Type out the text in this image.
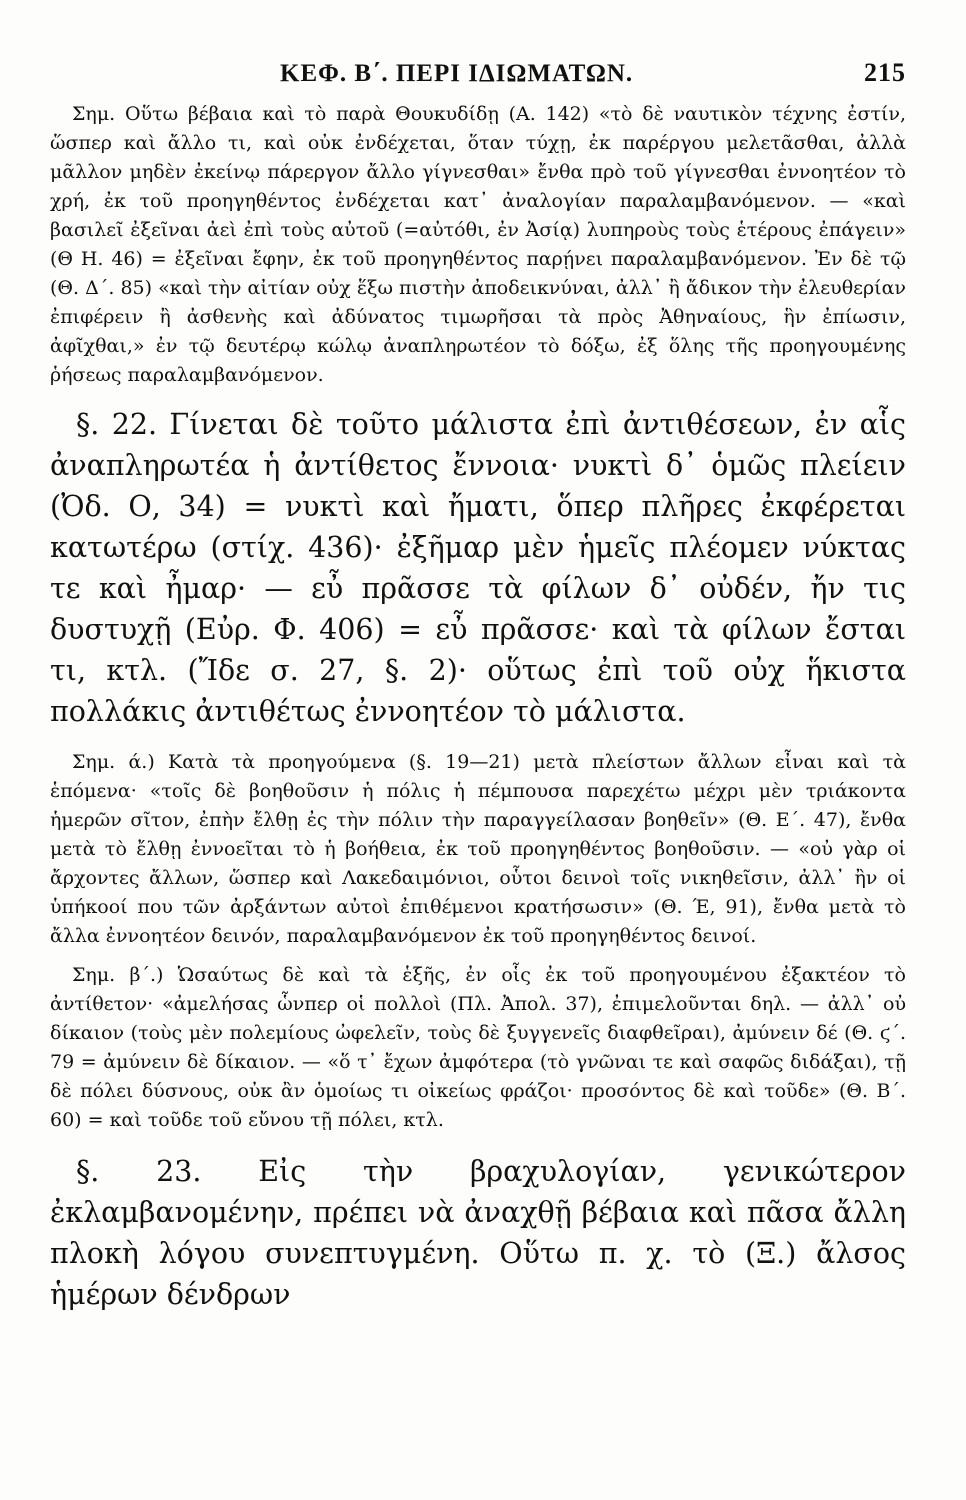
ΚΕΦ. Β΄. ΠΕΡΙ ΙΔΙΩΜΑΤΩΝ.	215

Σημ. Οὕτω βέβαια καὶ τὸ παρὰ Θουκυδίδῃ (Α. 142) «τὸ δὲ ναυτικὸν τέχνης ἐστίν, ὥσπερ καὶ ἄλλο τι, καὶ οὐκ ἐνδέχεται, ὅταν τύχῃ, ἐκ παρέργου μελετᾶσθαι, ἀλλὰ μᾶλλον μηδὲν ἐκείνῳ πάρεργον ἄλλο γίγνεσθαι» ἔνθα πρὸ τοῦ γίγνεσθαι ἐννοητέον τὸ χρή, ἐκ τοῦ προηγηθέντος ἐνδέχεται κατ᾽ ἀναλογίαν παραλαμβανόμενον. — «καὶ βασιλεῖ ἐξεῖναι ἀεὶ ἐπὶ τοὺς αὐτοῦ (=αὐτόθι, ἐν Ἀσίᾳ) λυπηροὺς τοὺς ἑτέρους ἐπάγειν» (Θ Η. 46) = ἐξεῖναι ἔφην, ἐκ τοῦ προηγηθέντος παρῄνει παραλαμβανόμενον. Ἐν δὲ τῷ (Θ. Δ΄. 85) «καὶ τὴν αἰτίαν οὐχ ἕξω πιστὴν ἀποδεικνύναι, ἀλλ᾽ ἢ ἄδικον τὴν ἐλευθερίαν ἐπιφέρειν ἢ ἀσθενὴς καὶ ἀδύνατος τιμωρῆσαι τὰ πρὸς Ἀθηναίους, ἣν ἐπίωσιν, ἀφῖχθαι,» ἐν τῷ δευτέρῳ κώλῳ ἀναπληρωτέον τὸ δόξω, ἐξ ὅλης τῆς προηγουμένης ῥήσεως παραλαμβανόμενον.

§. 22. Γίνεται δὲ τοῦτο μάλιστα ἐπὶ ἀντιθέσεων, ἐν αἷς ἀναπληρωτέα ἡ ἀντίθετος ἔννοια· νυκτὶ δ᾽ ὁμῶς πλείειν (Ὀδ. Ο, 34) = νυκτὶ καὶ ἤματι, ὅπερ πλῆρες ἐκφέρεται κατωτέρω (στίχ. 436)· ἐξῆμαρ μὲν ἡμεῖς πλέομεν νύκτας τε καὶ ἦμαρ· — εὖ πρᾶσσε τὰ φίλων δ᾽ οὐδέν, ἤν τις δυστυχῇ (Εὐρ. Φ. 406) = εὖ πρᾶσσε· καὶ τὰ φίλων ἔσται τι, κτλ. (Ἴδε σ. 27, §. 2)· οὕτως ἐπὶ τοῦ οὐχ ἥκιστα πολλάκις ἀντιθέτως ἐννοητέον τὸ μάλιστα.

Σημ. ά.) Κατὰ τὰ προηγούμενα (§. 19—21) μετὰ πλείστων ἄλλων εἶναι καὶ τὰ ἑπόμενα· «τοῖς δὲ βοηθοῦσιν ἡ πόλις ἡ πέμπουσα παρεχέτω μέχρι μὲν τριάκοντα ἡμερῶν σῖτον, ἐπὴν ἔλθῃ ἐς τὴν πόλιν τὴν παραγγείλασαν βοηθεῖν» (Θ. Ε΄. 47), ἔνθα μετὰ τὸ ἔλθῃ ἐννοεῖται τὸ ἡ βοήθεια, ἐκ τοῦ προηγηθέντος βοηθοῦσιν. — «οὐ γὰρ οἱ ἄρχοντες ἄλλων, ὥσπερ καὶ Λακεδαιμόνιοι, οὗτοι δεινοὶ τοῖς νικηθεῖσιν, ἀλλ᾽ ἢν οἱ ὑπήκοοί που τῶν ἀρξάντων αὐτοὶ ἐπιθέμενοι κρατήσωσιν» (Θ. Έ, 91), ἔνθα μετὰ τὸ ἄλλα ἐννοητέον δεινόν, παραλαμβανόμενον ἐκ τοῦ προηγηθέντος δεινοί.

Σημ. β΄.) Ὡσαύτως δὲ καὶ τὰ ἑξῆς, ἐν οἷς ἐκ τοῦ προηγουμένου ἐξακτέον τὸ ἀντίθετον· «ἀμελήσας ὧνπερ οἱ πολλοὶ (Πλ. Ἀπολ. 37), ἐπιμελοῦνται δηλ. — ἀλλ᾽ οὐ δίκαιον (τοὺς μὲν πολεμίους ὠφελεῖν, τοὺς δὲ ξυγγενεῖς διαφθεῖραι), ἀμύνειν δέ (Θ. ϛ΄. 79 = ἀμύνειν δὲ δίκαιον. — «ὅ τ᾽ ἔχων ἀμφότερα (τὸ γνῶναι τε καὶ σαφῶς διδάξαι), τῇ δὲ πόλει δύσνους, οὐκ ἂν ὁμοίως τι οἰκείως φράζοι· προσόντος δὲ καὶ τοῦδε» (Θ. Β΄. 60) = καὶ τοῦδε τοῦ εὔνου τῇ πόλει, κτλ.

§. 23. Εἰς τὴν βραχυλογίαν, γενικώτερον ἐκλαμβανομένην, πρέπει νὰ ἀναχθῇ βέβαια καὶ πᾶσα ἄλλη πλοκὴ λόγου συνεπτυγμένη. Οὕτω π. χ. τὸ (Ξ.) ἄλσος ἡμέρων δένδρων
